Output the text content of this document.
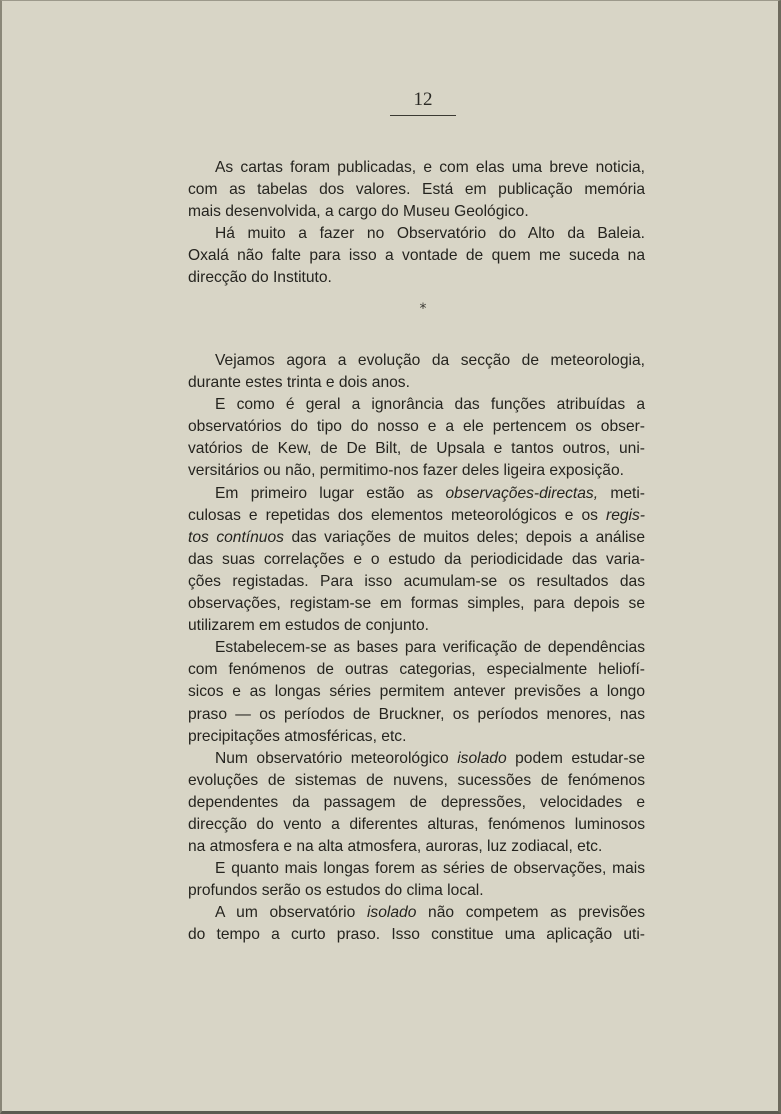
12
As cartas foram publicadas, e com elas uma breve noticia,
com as tabelas dos valores. Está em publicação memória
mais desenvolvida, a cargo do Museu Geológico.
Há muito a fazer no Observatório do Alto da Baleia.
Oxalá não falte para isso a vontade de quem me suceda na
direcção do Instituto.
*
Vejamos agora a evolução da secção de meteorologia,
durante estes trinta e dois anos.
E como é geral a ignorância das funções atribuídas a
observatórios do tipo do nosso e a ele pertencem os obser-
vatórios de Kew, de De Bilt, de Upsala e tantos outros, uni-
versitários ou não, permitimo-nos fazer deles ligeira exposição.
Em primeiro lugar estão as observações-directas, meti-
culosas e repetidas dos elementos meteorológicos e os regis-
tos contínuos das variações de muitos deles; depois a análise
das suas correlações e o estudo da periodicidade das varia-
ções registadas. Para isso acumulam-se os resultados das
observações, registam-se em formas simples, para depois se
utilizarem em estudos de conjunto.
Estabelecem-se as bases para verificação de dependências
com fenómenos de outras categorias, especialmente heliofí-
sicos e as longas séries permitem antever previsões a longo
praso — os períodos de Bruckner, os períodos menores, nas
precipitações atmosféricas, etc.
Num observatório meteorológico isolado podem estudar-se
evoluções de sistemas de nuvens, sucessões de fenómenos
dependentes da passagem de depressões, velocidades e
direcção do vento a diferentes alturas, fenómenos luminosos
na atmosfera e na alta atmosfera, auroras, luz zodiacal, etc.
E quanto mais longas forem as séries de observações, mais
profundos serão os estudos do clima local.
A um observatório isolado não competem as previsões
do tempo a curto praso. Isso constitue uma aplicação uti-
